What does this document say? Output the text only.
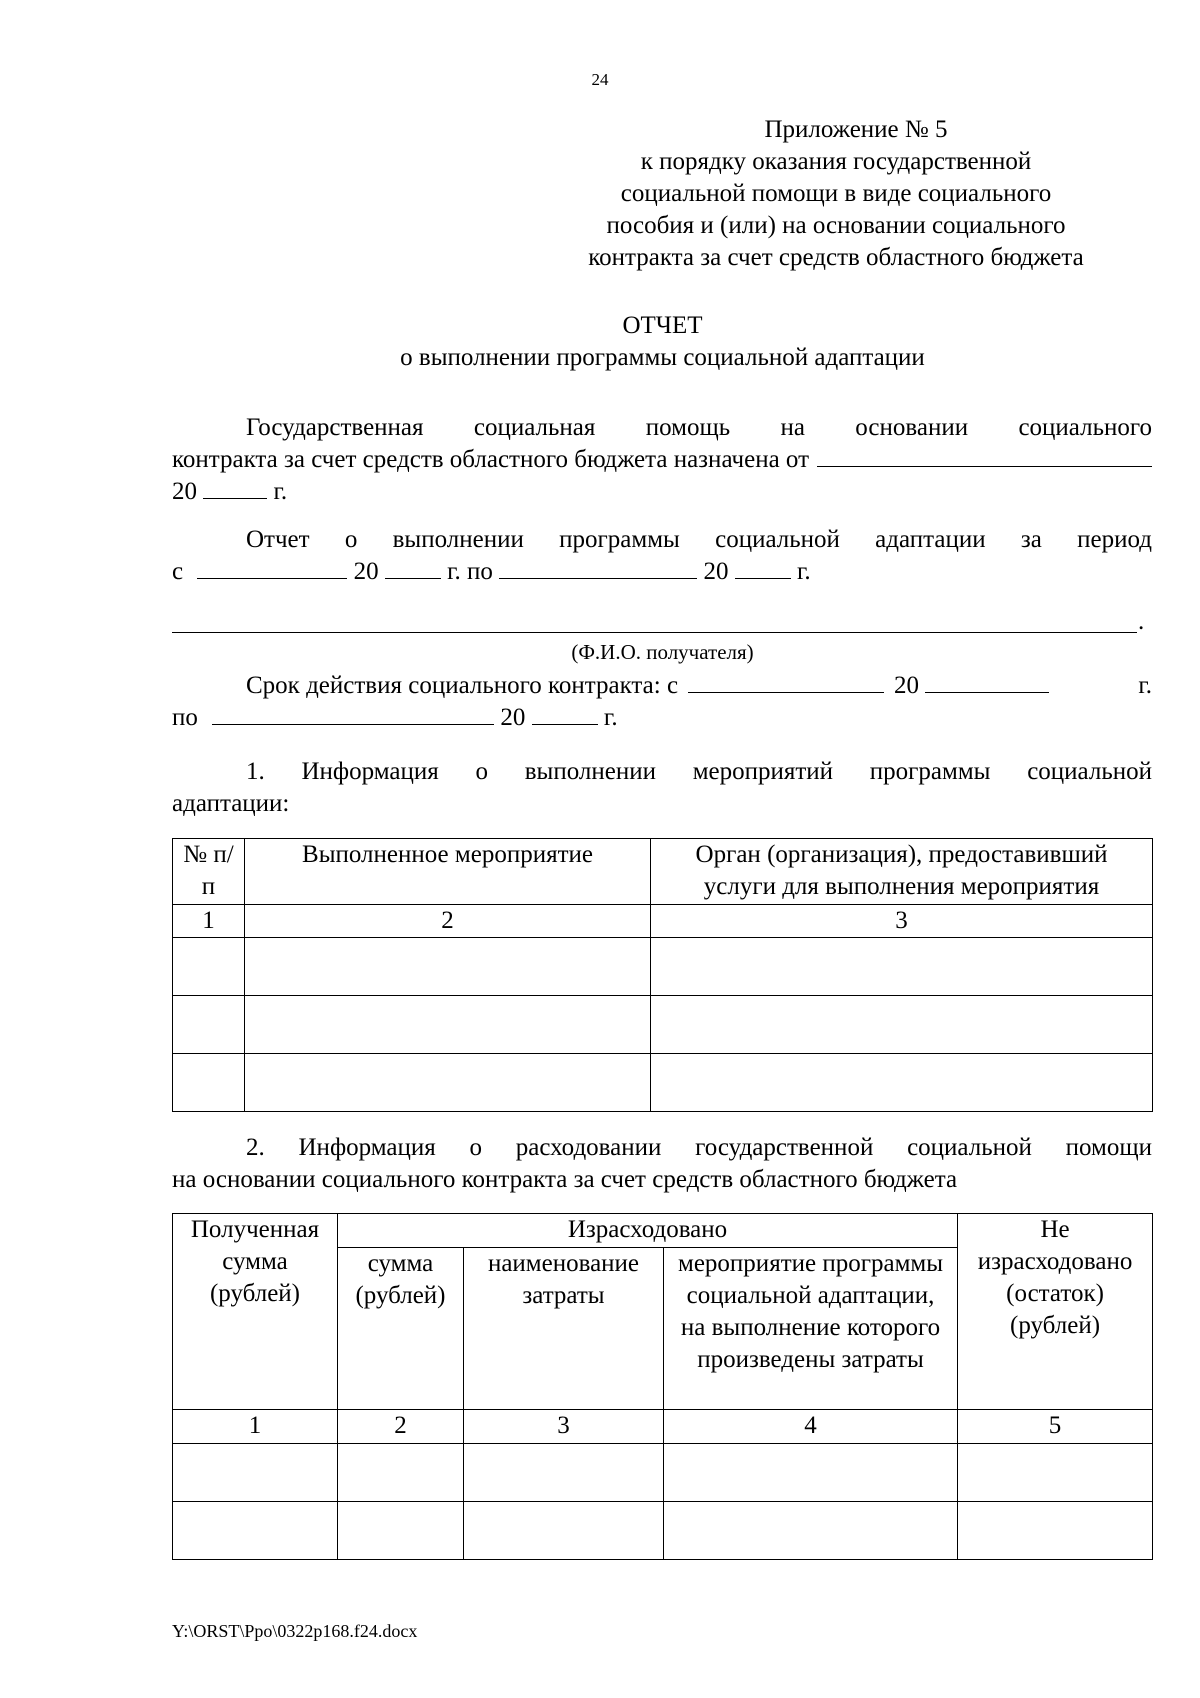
24
Приложение № 5
к порядку оказания государственной
социальной помощи в виде социального
пособия и (или) на основании социального
контракта за счет средств областного бюджета
ОТЧЕТ
о выполнении программы социальной адаптации
Государственная социальная помощь на основании социального
контракта за счет средств областного бюджета назначена от
20	г.
Отчет о выполнении программы социальной адаптации за период
с	20	г. по	20	г.
.
(Ф.И.О. получателя)
Срок действия социального контракта: с	20	г.
по	20	г.
1. Информация о выполнении мероприятий программы социальной
адаптации:
№ п/п	Выполненное мероприятие	Орган (организация), предоставивший услуги для выполнения мероприятия
1	2	3

2. Информация о расходовании государственной социальной помощи
на основании социального контракта за счет средств областного бюджета
Полученная сумма (рублей)	Израсходовано			Не израсходовано (остаток) (рублей)
	сумма (рублей)	наименование затраты	мероприятие программы социальной адаптации, на выполнение которого произведены затраты	
1	2	3	4	5

Y:\ORST\Ppo\0322p168.f24.docx
